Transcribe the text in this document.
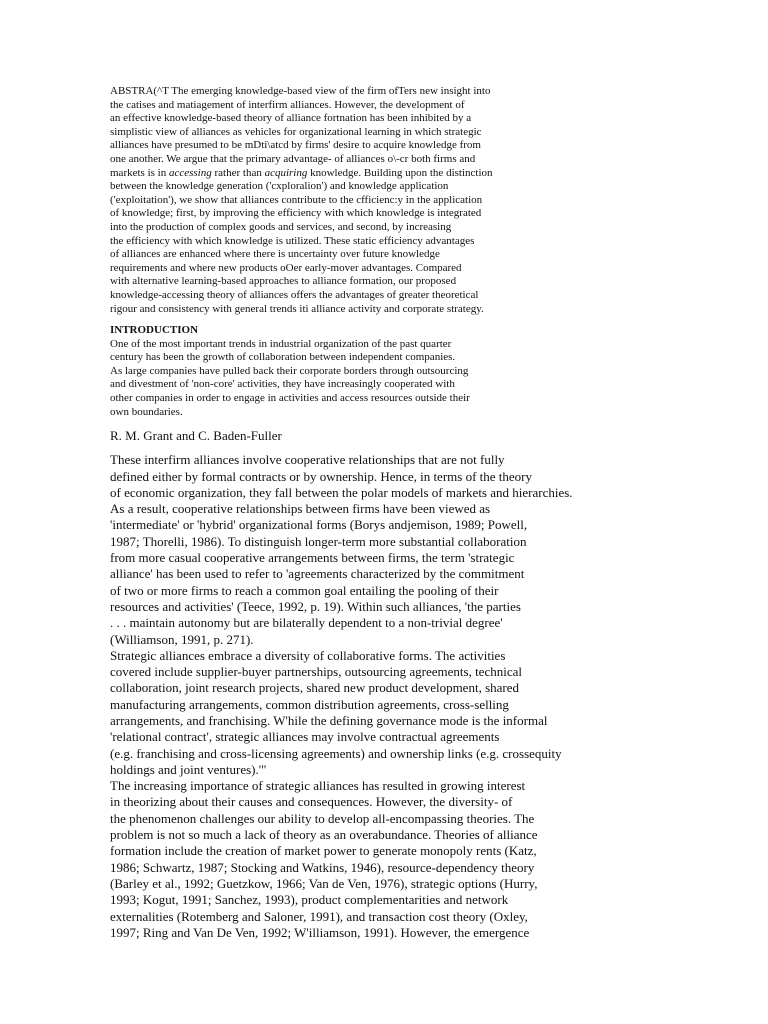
ABSTRA(^T The emerging knowledge-based view of the firm ofTers new insight into
the catises and matiagement of interfirm alliances. However, the development of
an effective knowledge-based theory of alliance fortnation has been inhibited by a
simplistic view of alliances as vehicles for organizational learning in which strategic
alliances have presumed to be mDti\atcd by firms' desire to acquire knowledge from
one another. We argue that the primary advantage- of alliances o\-cr both firms and
markets is in accessing rather than acquiring knowledge. Building upon the distinction
between the knowledge generation ('cxploralion') and knowledge application
('exploitation'), we show that alliances contribute to the cfficienc:y in the application
of knowledge; first, by improving the efficiency with which knowledge is integrated
into the production of complex goods and services, and second, by increasing
the efficiency with which knowledge is utilized. These static efficiency advantages
of alliances are enhanced where there is uncertainty over future knowledge
requirements and where new products oOer early-mover advantages. Compared
with alternative learning-based approaches to alliance formation, our proposed
knowledge-accessing theory of alliances offers the advantages of greater theoretical
rigour and consistency with general trends iti alliance activity and corporate strategy.
INTRODUCTION
One of the most important trends in industrial organization of the past quarter
century has been the growth of collaboration between independent companies.
As large companies have pulled back their corporate borders through outsourcing
and divestment of 'non-core' activities, they have increasingly cooperated with
other companies in order to engage in activities and access resources outside their
own boundaries.
R. M. Grant and C. Baden-Fuller
These interfirm alliances involve cooperative relationships that are not fully
defined either by formal contracts or by ownership. Hence, in terms of the theory
of economic organization, they fall between the polar models of markets and hierarchies.
As a result, cooperative relationships between firms have been viewed as
'intermediate' or 'hybrid' organizational forms (Borys andjemison, 1989; Powell,
1987; Thorelli, 1986). To distinguish longer-term more substantial collaboration
from more casual cooperative arrangements between firms, the term 'strategic
alliance' has been used to refer to 'agreements characterized by the commitment
of two or more firms to reach a common goal entailing the pooling of their
resources and activities' (Teece, 1992, p. 19). Within such alliances, 'the parties
. . . maintain autonomy but are bilaterally dependent to a non-trivial degree'
(Williamson, 1991, p. 271).
Strategic alliances embrace a diversity of collaborative forms. The activities
covered include supplier-buyer partnerships, outsourcing agreements, technical
collaboration, joint research projects, shared new product development, shared
manufacturing arrangements, common distribution agreements, cross-selling
arrangements, and franchising. W'hile the defining governance mode is the informal
'relational contract', strategic alliances may involve contractual agreements
(e.g. franchising and cross-licensing agreements) and ownership links (e.g. crossequity
holdings and joint ventures).'"
The increasing importance of strategic alliances has resulted in growing interest
in theorizing about their causes and consequences. However, the diversity- of
the phenomenon challenges our ability to develop all-encompassing theories. The
problem is not so much a lack of theory as an overabundance. Theories of alliance
formation include the creation of market power to generate monopoly rents (Katz,
1986; Schwartz, 1987; Stocking and Watkins, 1946), resource-dependency theory
(Barley et al., 1992; Guetzkow, 1966; Van de Ven, 1976), strategic options (Hurry,
1993; Kogut, 1991; Sanchez, 1993), product complementarities and network
externalities (Rotemberg and Saloner, 1991), and transaction cost theory (Oxley,
1997; Ring and Van De Ven, 1992; W'illiamson, 1991). However, the emergence
